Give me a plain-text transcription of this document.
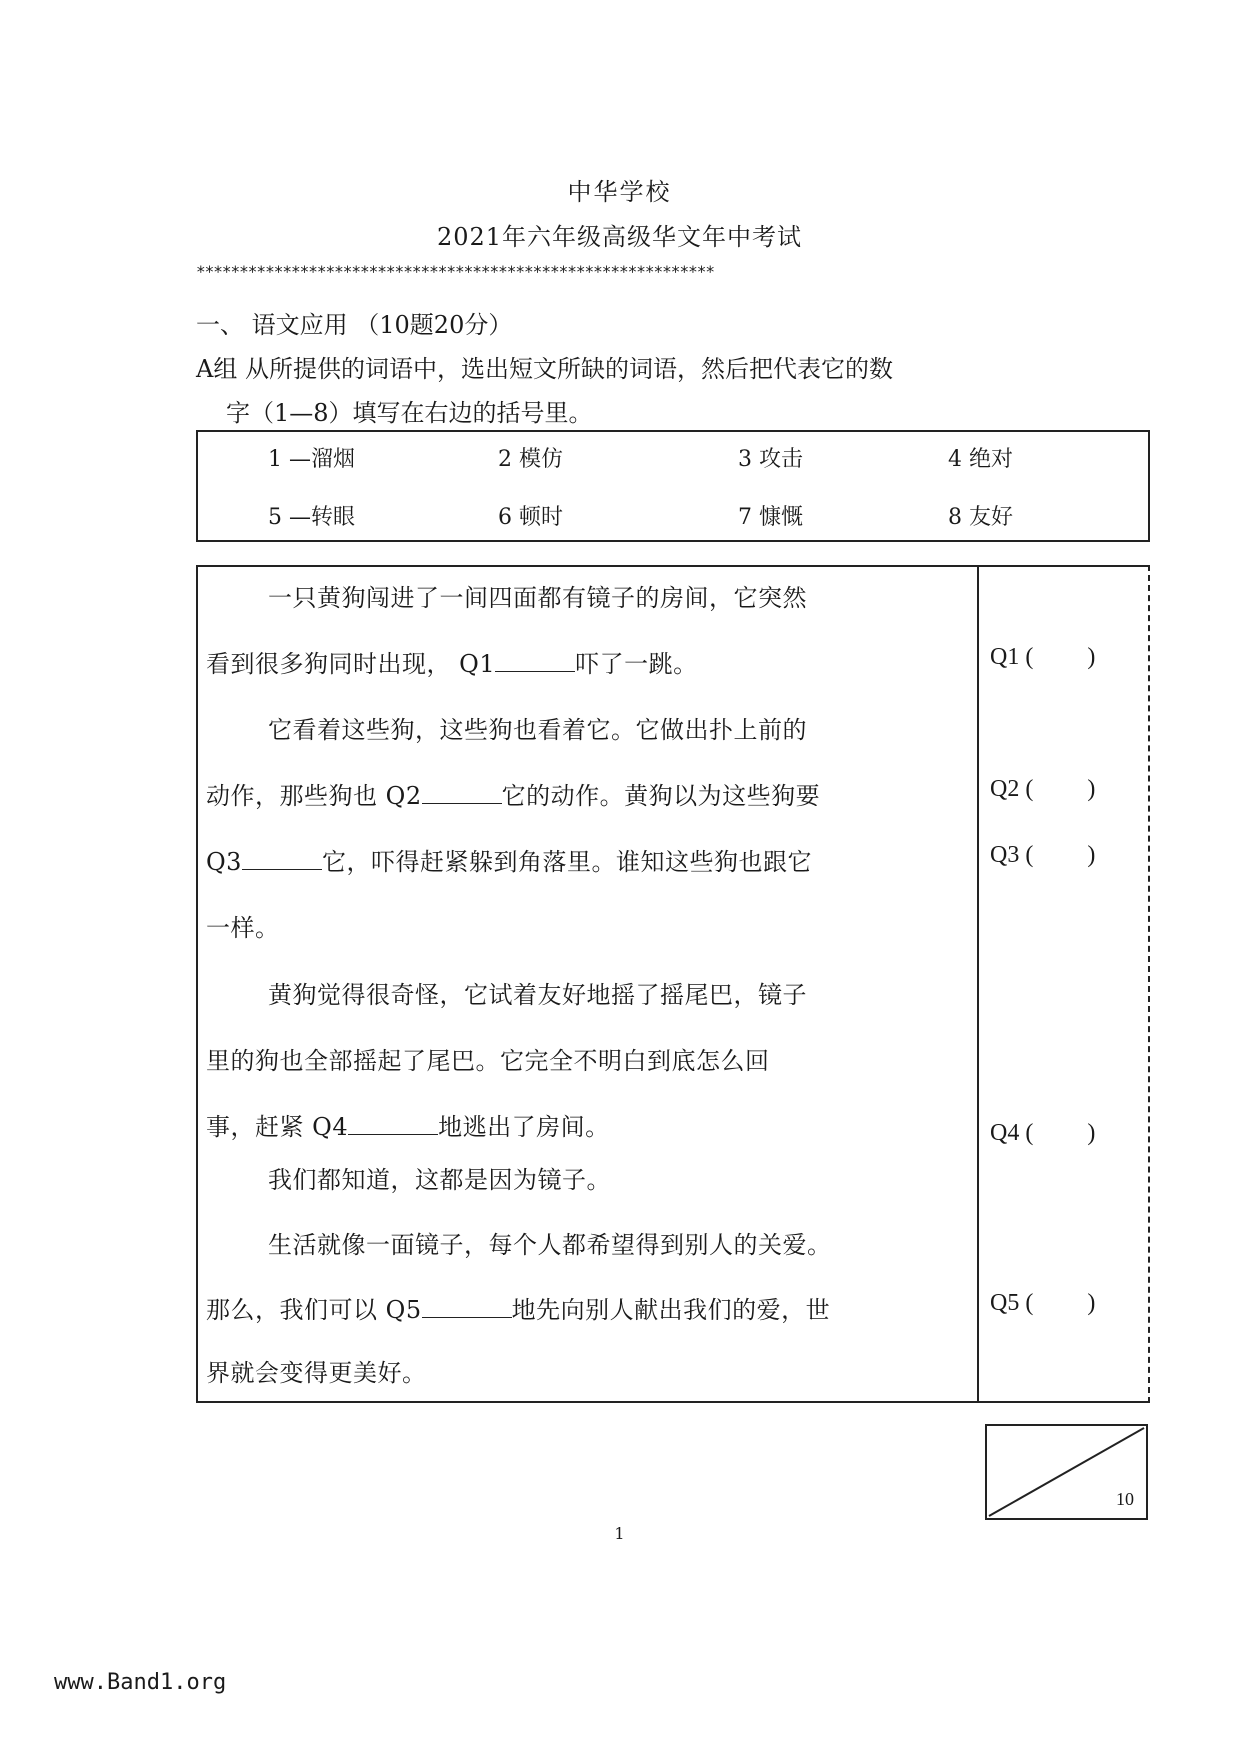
中华学校
2021年六年级高级华文年中考试
************************************************************
一、 语文应用 （10题20分）
A组 从所提供的词语中，选出短文所缺的词语，然后把代表它的数
字（1—8）填写在右边的括号里。
1 —溜烟	2 模仿	3 攻击	4 绝对
5 —转眼	6 顿时	7 慷慨	8 友好
一只黄狗闯进了一间四面都有镜子的房间，它突然
看到很多狗同时出现， Q1	吓了一跳。
它看着这些狗，这些狗也看着它。它做出扑上前的
动作，那些狗也 Q2	它的动作。黄狗以为这些狗要
Q3	它，吓得赶紧躲到角落里。谁知这些狗也跟它
一样。
黄狗觉得很奇怪，它试着友好地摇了摇尾巴，镜子
里的狗也全部摇起了尾巴。它完全不明白到底怎么回
事，赶紧 Q4	地逃出了房间。
我们都知道，这都是因为镜子。
生活就像一面镜子，每个人都希望得到别人的关爱。
那么，我们可以 Q5	地先向别人献出我们的爱，世
界就会变得更美好。
Q1 ( )
Q2 ( )
Q3 ( )
Q4 ( )
Q5 ( )
10
1
www.Band1.org
